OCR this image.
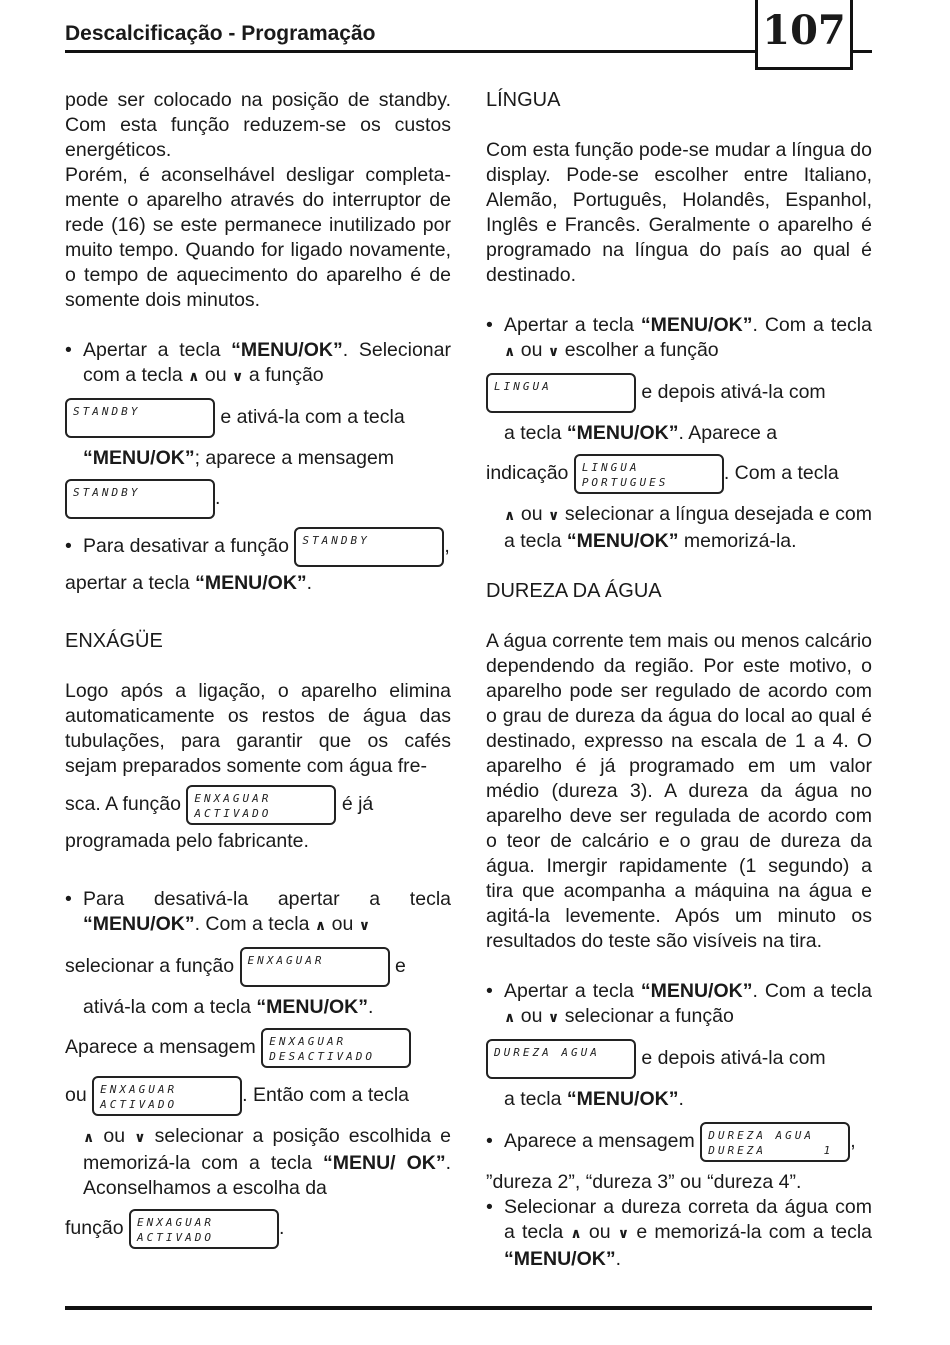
Descalcificação - Programação	107

pode ser colocado na posição de standby. Com esta função reduzem-se os custos energéticos.

Porém, é aconselhável desligar completa-mente o aparelho através do interruptor de rede (16) se este permanece inutilizado por muito tempo. Quando for ligado novamente, o tempo de aquecimento do aparelho é de somente dois minutos.

• Apertar a tecla “MENU/OK”. Selecionar com a tecla ∧ ou ∨ a função
STANDBY	e ativá-la com a tecla
“MENU/OK”; aparece a mensagem
STANDBY	.
• Para desativar a função STANDBY	,
apertar a tecla “MENU/OK”.

ENXÁGÜE

Logo após a ligação, o aparelho elimina automaticamente os restos de água das tubulações, para garantir que os cafés sejam preparados somente com água fre-

sca. A função ENXAGUAR
ACTIVADO	é já
programada pelo fabricante.

• Para desativá-la apertar a tecla “MENU/OK”. Com a tecla ∧ ou ∨
selecionar a função ENXAGUAR	e
ativá-la com a tecla “MENU/OK”.
Aparece a mensagem ENXAGUAR
DESACTIVADO
ou ENXAGUAR
ACTIVADO	. Então com a tecla
∧ ou ∨ selecionar a posição escolhida e memorizá-la com a tecla “MENU/ OK”. Aconselhamos a escolha da
função ENXAGUAR
ACTIVADO	.

LÍNGUA

Com esta função pode-se mudar a língua do display. Pode-se escolher entre Italiano, Alemão, Português, Holandês, Espanhol, Inglês e Francês. Geralmente o aparelho é programado na língua do país ao qual é destinado.

• Apertar a tecla “MENU/OK”. Com a tecla ∧ ou ∨ escolher a função
LINGUA	e depois ativá-la com
a tecla “MENU/OK”. Aparece a
indicação LINGUA
PORTUGUES	. Com a tecla
∧ ou ∨ selecionar a língua desejada e com a tecla “MENU/OK” memorizá-la.

DUREZA DA ÁGUA

A água corrente tem mais ou menos calcário dependendo da região. Por este motivo, o aparelho pode ser regulado de acordo com o grau de dureza da água do local ao qual é destinado, expresso na escala de 1 a 4. O aparelho é já programado em um valor médio (dureza 3). A dureza da água no aparelho deve ser regulada de acordo com o teor de calcário e o grau de dureza da água. Imergir rapidamente (1 segundo) a tira que acompanha a máquina na água e agitá-la levemente. Após um minuto os resultados do teste são visíveis na tira.

• Apertar a tecla “MENU/OK”. Com a tecla ∧ ou ∨ selecionar a função
DUREZA AGUA	e depois ativá-la com
a tecla “MENU/OK”.
• Aparece a mensagem DUREZA AGUA
DUREZA      1 ,
”dureza 2”, “dureza 3” ou “dureza 4”.
• Selecionar a dureza correta da água com a tecla ∧ ou ∨ e memorizá-la com a tecla “MENU/OK”.
